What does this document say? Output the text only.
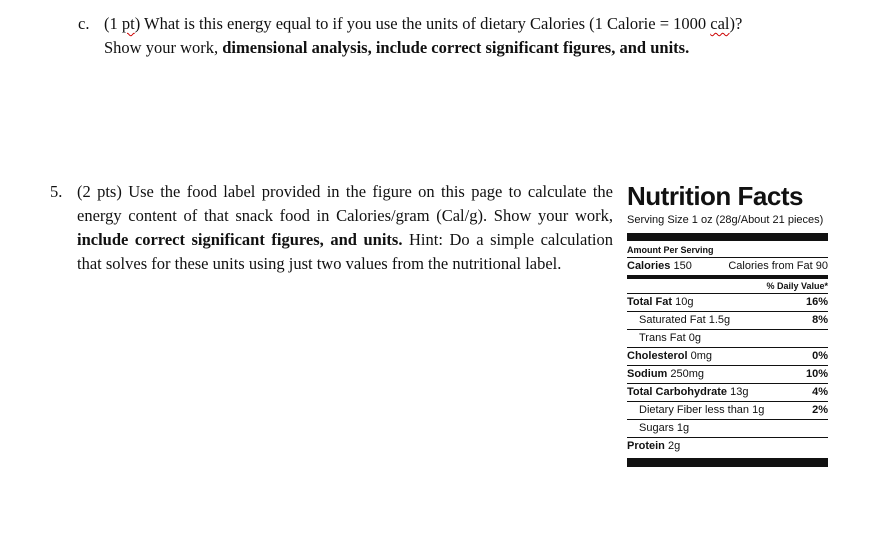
c. (1 pt) What is this energy equal to if you use the units of dietary Calories (1 Calorie = 1000 cal)?
Show your work, dimensional analysis, include correct significant figures, and units.
5. (2 pts) Use the food label provided in the figure on this page to calculate the energy content of that snack food in Calories/gram (Cal/g). Show your work, include correct significant figures, and units. Hint: Do a simple calculation that solves for these units using just two values from the nutritional label.
Nutrition Facts
Serving Size 1 oz (28g/About 21 pieces)
Amount Per Serving
Calories 150	Calories from Fat 90
% Daily Value*
Total Fat 10g	16%
Saturated Fat 1.5g	8%
Trans Fat 0g
Cholesterol 0mg	0%
Sodium 250mg	10%
Total Carbohydrate 13g	4%
Dietary Fiber less than 1g	2%
Sugars 1g
Protein 2g
